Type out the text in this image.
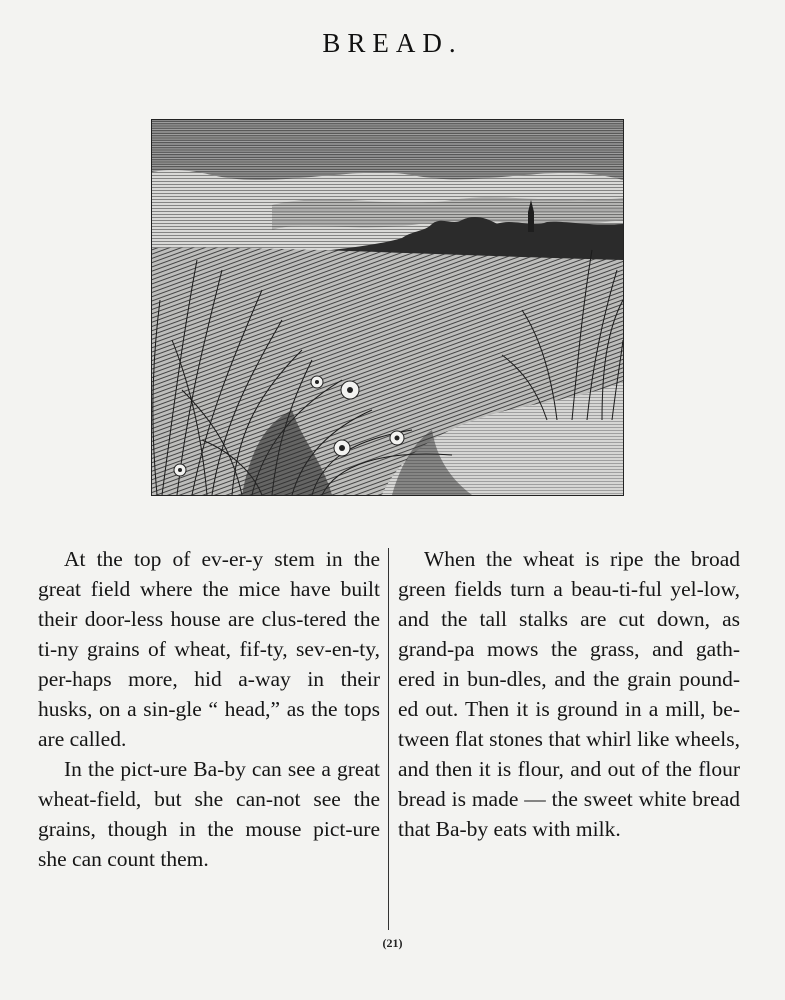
BREAD.

At the top of ev-er-y stem in the great field where the mice have built their door-less house are clus-tered the ti-ny grains of wheat, fif-ty, sev-en-ty, per-haps more, hid a-way in their husks, on a sin-gle “ head,” as the tops are called.

In the pict-ure Ba-by can see a great wheat-field, but she can-not see the grains, though in the mouse pict-ure she can count them.

When the wheat is ripe the broad green fields turn a beau-ti-ful yel-low, and the tall stalks are cut down, as grand-pa mows the grass, and gath-ered in bun-dles, and the grain pound-ed out. Then it is ground in a mill, be-tween flat stones that whirl like wheels, and then it is flour, and out of the flour bread is made — the sweet white bread that Ba-by eats with milk.

(21)
